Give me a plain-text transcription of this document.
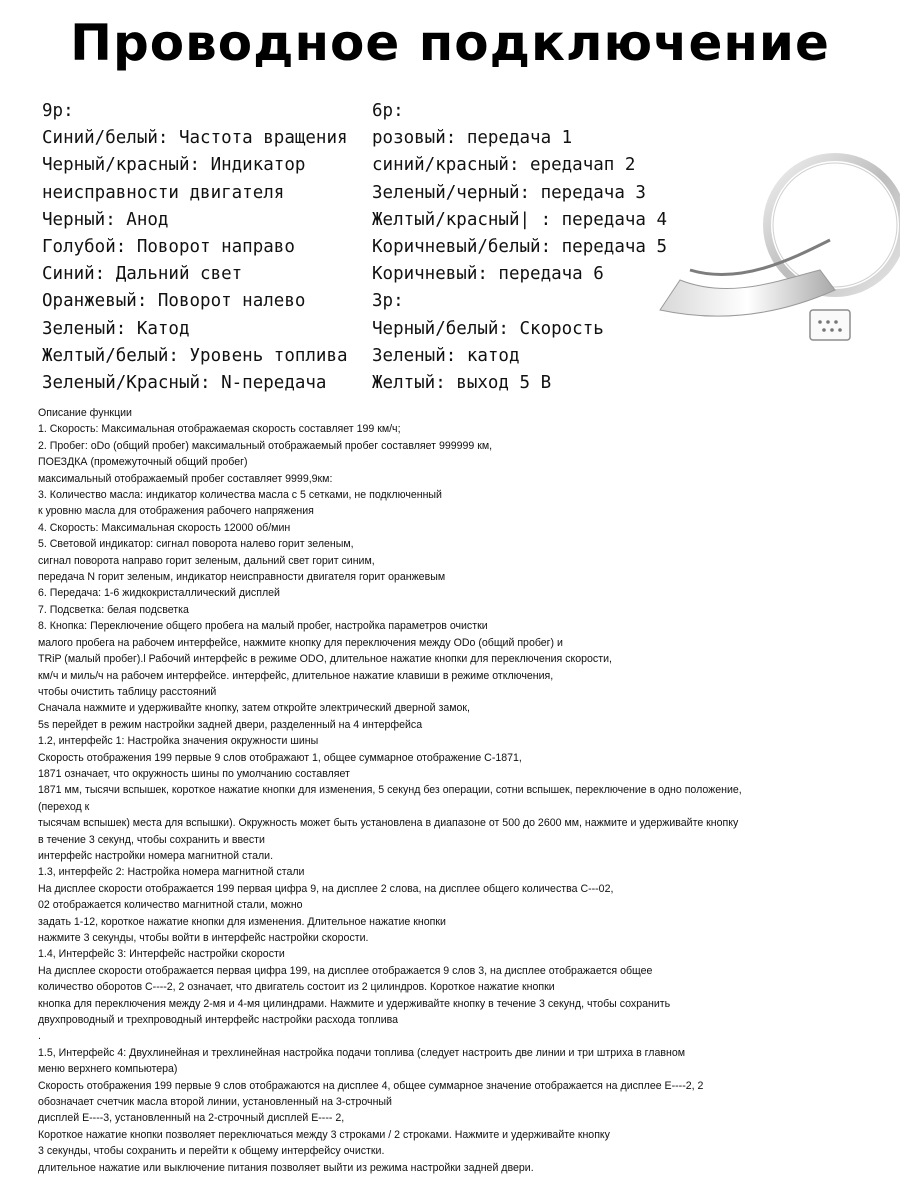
Проводное подключение
9p:
Синий/белый: Частота вращения
Черный/красный: Индикатор
неисправности двигателя
Черный: Анод
Голубой: Поворот направо
Синий: Дальний свет
Оранжевый: Поворот налево
Зеленый: Катод
Желтый/белый: Уровень топлива
Зеленый/Красный: N-передача
6p:
розовый: передача 1
синий/красный: ередачап 2
Зеленый/черный: передача 3
Желтый/красный| : передача 4
Коричневый/белый: передача 5
Коричневый: передача 6
3p:
Черный/белый: Скорость
Зеленый: катод
Желтый: выход 5 В
Описание функции
1. Скорость: Максимальная отображаемая скорость составляет 199 км/ч;
2. Пробег: oDo (общий пробег) максимальный отображаемый пробег составляет 999999 км,
ПОЕЗДКА (промежуточный общий пробег)
максимальный отображаемый пробег составляет 9999,9км:
3. Количество масла: индикатор количества масла с 5 сетками, не подключенный
к уровню масла для отображения рабочего напряжения
4. Скорость: Максимальная скорость 12000 об/мин
5. Световой индикатор: сигнал поворота налево горит зеленым,
сигнал поворота направо горит зеленым, дальний свет горит синим,
передача N горит зеленым, индикатор неисправности двигателя горит оранжевым
6. Передача: 1-6 жидкокристаллический дисплей
7. Подсветка: белая подсветка
8. Кнопка: Переключение общего пробега на малый пробег, настройка параметров очистки
малого пробега на рабочем интерфейсе, нажмите кнопку для переключения между ODo (общий пробег) и
TRiP (малый пробег).l Рабочий интерфейс в режиме ODO, длительное нажатие кнопки для переключения скорости,
км/ч и миль/ч на рабочем интерфейсе. интерфейс, длительное нажатие клавиши в режиме отключения,
чтобы очистить таблицу расстояний
Сначала нажмите и удерживайте кнопку, затем откройте электрический дверной замок,
5s перейдет в режим настройки задней двери, разделенный на 4 интерфейса
1.2, интерфейс 1: Настройка значения окружности шины
Скорость отображения 199 первые 9 слов отображают 1, общее суммарное отображение C-1871,
1871 означает, что окружность шины по умолчанию составляет
1871 мм, тысячи вспышек, короткое нажатие кнопки для изменения, 5 секунд без операции, сотни вспышек, переключение в одно положение,
(переход к
тысячам вспышек) места для вспышки). Окружность может быть установлена в диапазоне от 500 до 2600 мм, нажмите и удерживайте кнопку
в течение 3 секунд, чтобы сохранить и ввести
интерфейс настройки номера магнитной стали.
1.3, интерфейс 2: Настройка номера магнитной стали
На дисплее скорости отображается 199 первая цифра 9, на дисплее 2 слова, на дисплее общего количества C---02,
02 отображается количество магнитной стали, можно
задать 1-12, короткое нажатие кнопки для изменения. Длительное нажатие кнопки
нажмите 3 секунды, чтобы войти в интерфейс настройки скорости.
1.4, Интерфейс 3: Интерфейс настройки скорости
На дисплее скорости отображается первая цифра 199, на дисплее отображается 9 слов 3, на дисплее отображается общее
количество оборотов C----2, 2 означает, что двигатель состоит из 2 цилиндров. Короткое нажатие кнопки
кнопка для переключения между 2-мя и 4-мя цилиндрами. Нажмите и удерживайте кнопку в течение 3 секунд, чтобы сохранить
двухпроводный и трехпроводный интерфейс настройки расхода топлива
.
1.5, Интерфейс 4: Двухлинейная и трехлинейная настройка подачи топлива (следует настроить две линии и три штриха в главном
меню верхнего компьютера)
Скорость отображения 199 первые 9 слов отображаются на дисплее 4, общее суммарное значение отображается на дисплее E----2, 2
обозначает счетчик масла второй линии, установленный на 3-строчный
дисплей E----3, установленный на 2-строчный дисплей E---- 2,
Короткое нажатие кнопки позволяет переключаться между 3 строками / 2 строками. Нажмите и удерживайте кнопку
3 секунды, чтобы сохранить и перейти к общему интерфейсу очистки.
длительное нажатие или выключение питания позволяет выйти из режима настройки задней двери.
